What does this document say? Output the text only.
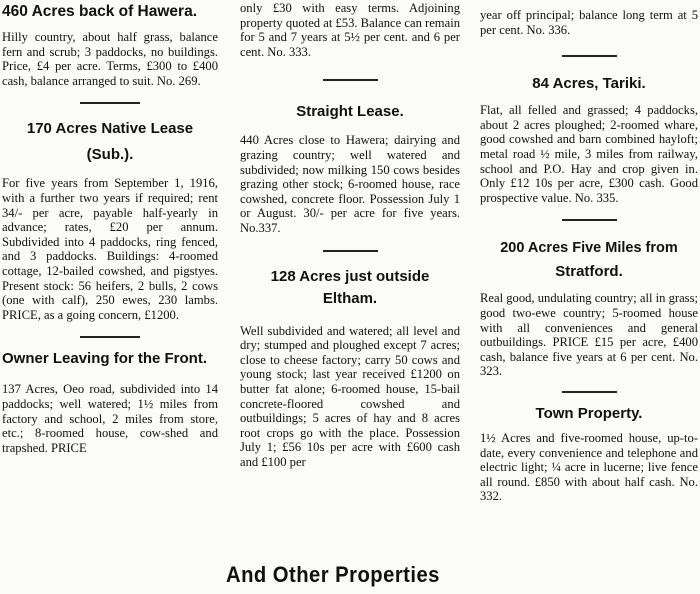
460 Acres back of Hawera.

Hilly country, about half grass, balance fern and scrub; 3 paddocks, no buildings. Price, £4 per acre. Terms, £300 to £400 cash, balance arranged to suit. No. 269.

170 Acres Native Lease

(Sub.).

For five years from September 1, 1916, with a further two years if required; rent 34/- per acre, payable half-yearly in advance; rates, £20 per annum. Subdivided into 4 paddocks, ring fenced, and 3 paddocks. Buildings: 4-roomed cottage, 12-bailed cowshed, and pigstyes. Present stock: 56 heifers, 2 bulls, 2 cows (one with calf), 250 ewes, 230 lambs. PRICE, as a going concern, £1200.

Owner Leaving for the Front.

137 Acres, Oeo road, subdivided into 14 paddocks; well watered; 1½ miles from factory and school, 2 miles from store, etc.; 8-roomed house, cow-shed and trapshed. PRICE

only £30 with easy terms. Adjoining property quoted at £53. Balance can remain for 5 and 7 years at 5½ per cent. and 6 per cent. No. 333.

Straight Lease.

440 Acres close to Hawera; dairying and grazing country; well watered and subdivided; now milking 150 cows besides grazing other stock; 6-roomed house, race cowshed, concrete floor. Possession July 1 or August. 30/- per acre for five years. No.337.

128 Acres just outside

Eltham.

Well subdivided and watered; all level and dry; stumped and ploughed except 7 acres; close to cheese factory; carry 50 cows and young stock; last year received £1200 on butter fat alone; 6-roomed house, 15-bail concrete-floored cowshed and outbuildings; 5 acres of hay and 8 acres root crops go with the place. Possession July 1; £56 10s per acre with £600 cash and £100 per

year off principal; balance long term at 5 per cent. No. 336.

84 Acres, Tariki.

Flat, all felled and grassed; 4 paddocks, about 2 acres ploughed; 2-roomed whare, good cowshed and barn combined hayloft; metal road ½ mile, 3 miles from railway, school and P.O. Hay and crop given in. Only £12 10s per acre, £300 cash. Good prospective value. No. 335.

200 Acres Five Miles from

Stratford.

Real good, undulating country; all in grass; good two-ewe country; 5-roomed house with all conveniences and general outbuildings. PRICE £15 per acre, £400 cash, balance five years at 6 per cent. No. 323.

Town Property.

1½ Acres and five-roomed house, up-to-date, every convenience and telephone and electric light; ¼ acre in lucerne; live fence all round. £850 with about half cash. No. 332.

And Other Properties
